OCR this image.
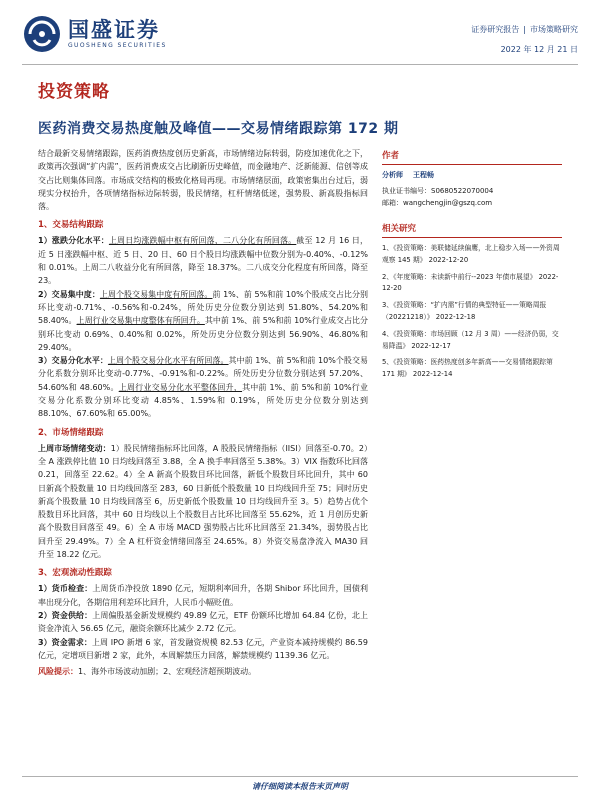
国盛证券
GUOSHENG SECURITIES
证券研究报告 | 市场策略研究
2022 年 12 月 21 日
投资策略
医药消费交易热度触及峰值——交易情绪跟踪第 172 期

结合最新交易情绪跟踪，医药消费热度创历史新高，市场情绪边际转弱，防疫加速优化之下，政策再次强调“扩内需”，医药消费成交占比刷新历史峰值，而金融地产、泛新能源、信创等成交占比则集体回落。市场成交结构的极致化格局再现。市场情绪层面，政策密集出台过后，弱现实分权抬升，各项情绪指标边际转弱，股民情绪，杠杆情绪低迷，强势股、新高股指标回落。

1、交易结构跟踪

1）涨跌分化水平：上周日均涨跌幅中枢有所回落，二八分化有所回落。截至 12 月 16 日，近 5 日涨跌幅中枢、近 5 日、20 日、60 日个股日均涨跌幅中位数分别为-0.40%、-0.12%和 0.01%。上周二八收益分化有所回落，降至 18.37%。二八成交分化程度有所回落，降至 23。

2）交易集中度：上周个股交易集中度有所回落。前 1%、前 5%和前 10%个股成交占比分别环比变动-0.71%、-0.56%和-0.24%，所处历史分位数分别达到 51.80%、54.20%和 58.40%。上周行业交易集中度整体有所回升。其中前 1%、前 5%和前 10%行业成交占比分别环比变动 0.69%、0.40%和 0.02%，所处历史分位数分别达到 56.90%、46.80%和 29.40%。

3）交易分化水平：上周个股交易分化水平有所回落。其中前 1%、前 5%和前 10%个股交易分化系数分别环比变动-0.77%、-0.91%和-0.22%。所处历史分位数分别达到 57.20%、54.60%和 48.60%。上周行业交易分化水平整体回升，其中前 1%、前 5%和前 10%行业交易分化系数分别环比变动 4.85%、1.59%和 0.19%，所处历史分位数分别达到 88.10%、67.60%和 65.00%。

2、市场情绪跟踪

上周市场情绪变动：1）股民情绪指标环比回落，A 股股民情绪指标（IISI）回落至-0.70。2）全 A 涨跌停比值 10 日均线回落至 3.88，全 A 换手率回落至 5.38%。3）VIX 指数环比回落 0.21，回落至 22.62。4）全 A 新高个股数目环比回落，新低个股数目环比回升，其中 60 日新高个股数量 10 日均线回落至 283，60 日新低个股数量 10 日均线回升至 75；同时历史新高个股数量 10 日均线回落至 6，历史新低个股数量 10 日均线回升至 3。5）趋势占优个股数目环比回落，其中 60 日均线以上个股数目占比环比回落至 55.62%，近 1 月创历史新高个股数目回落至 49。6）全 A 市场 MACD 强势股占比环比回落至 21.34%，弱势股占比回升至 29.49%。7）全 A 杠杆资金情绪回落至 24.65%。8）外资交易盘净流入 MA30 回升至 18.22 亿元。

3、宏观流动性跟踪

1）货币检查：上周货币净投放 1890 亿元，短期利率回升，各期 Shibor 环比回升，国债利率出现分化，各期信用利差环比回升，人民币小幅贬值。

2）资金供给：上周偏股基金新发规模约 49.89 亿元，ETF 份额环比增加 64.84 亿份，北上资金净流入 56.65 亿元，融资余额环比减少 2.72 亿元。

3）资金需求：上周 IPO 新增 6 家，首发融资规模 82.53 亿元，产业资本减持规模约 86.59 亿元，定增项目新增 2 家，此外，本周解禁压力回落，解禁规模约 1139.36 亿元。

风险提示：1、海外市场波动加剧；2、宏观经济超预期波动。
作者
分析师 王程畅
执业证书编号：S0680522070004
邮箱：wangchengjin@gszq.com
相关研究
1、《投资策略：美联储延续偏鹰，北上稳步入场——外资周观察 145 期》 2022-12-20
2、《年度策略：未读新中前行--2023 年债市展望》 2022-12-20
3、《投资策略：“扩内需”行情的典型特征——策略周报（20221218）》 2022-12-18
4、《投资策略：市场回顾（12 月 3 周）——经济仍弱，交易降温》 2022-12-17
5、《投资策略：医药热度创多年新高——交易情绪跟踪第 171 期》 2022-12-14
请仔细阅读本报告末页声明
